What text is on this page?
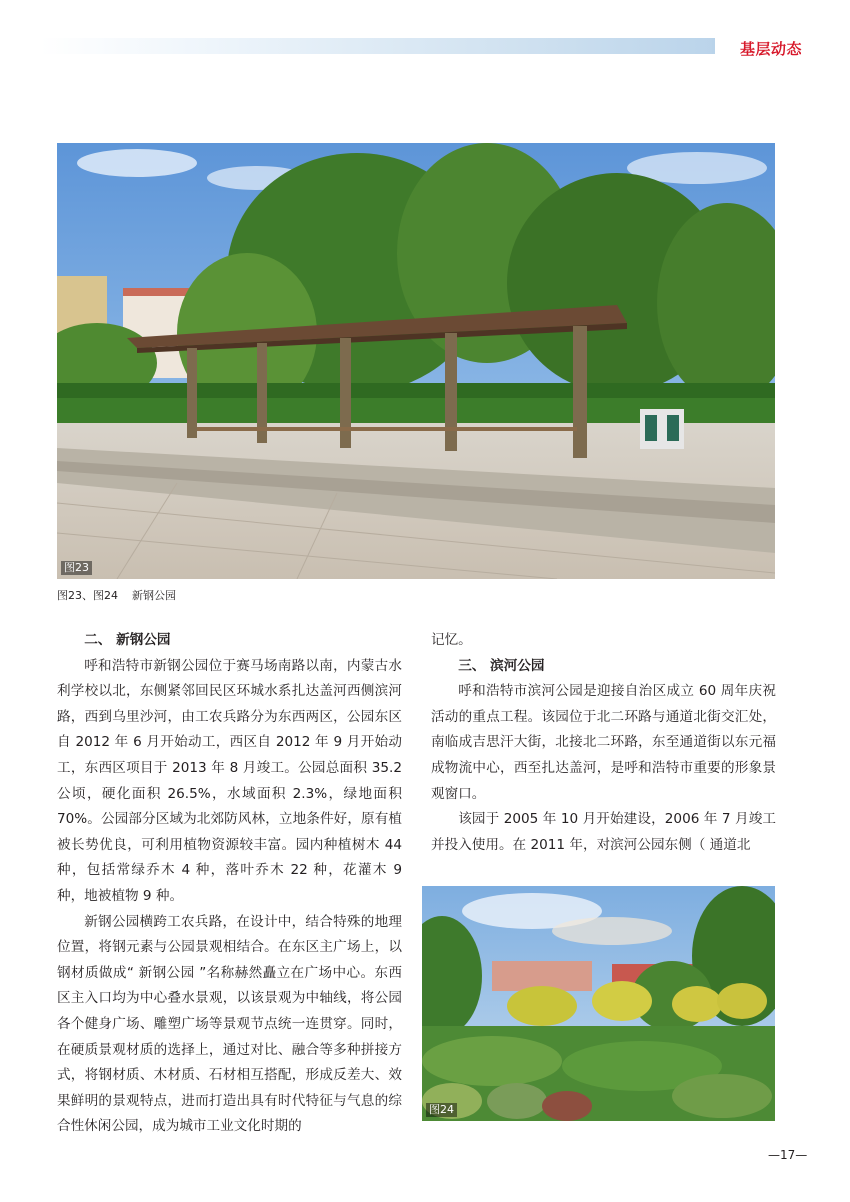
基层动态
图23
图23、图24    新钢公园
二、 新钢公园

呼和浩特市新钢公园位于赛马场南路以南，内蒙古水利学校以北，东侧紧邻回民区环城水系扎达盖河西侧滨河路，西到乌里沙河，由工农兵路分为东西两区，公园东区自 2012 年 6 月开始动工，西区自 2012 年 9 月开始动工，东西区项目于 2013 年 8 月竣工。公园总面积 35.2 公顷，硬化面积 26.5%，水域面积 2.3%，绿地面积70%。公园部分区域为北郊防风林，立地条件好，原有植被长势优良，可利用植物资源较丰富。园内种植树木 44 种，包括常绿乔木 4 种，落叶乔木 22 种，花灌木 9 种，地被植物 9 种。

新钢公园横跨工农兵路，在设计中，结合特殊的地理位置，将钢元素与公园景观相结合。在东区主广场上，以钢材质做成“ 新钢公园 ”名称赫然矗立在广场中心。东西区主入口均为中心叠水景观，以该景观为中轴线，将公园各个健身广场、雕塑广场等景观节点统一连贯穿。同时，在硬质景观材质的选择上，通过对比、融合等多种拼接方式，将钢材质、木材质、石材相互搭配，形成反差大、效果鲜明的景观特点，进而打造出具有时代特征与气息的综合性休闲公园，成为城市工业文化时期的

记忆。

三、 滨河公园

呼和浩特市滨河公园是迎接自治区成立 60 周年庆祝活动的重点工程。该园位于北二环路与通道北街交汇处，南临成吉思汗大街，北接北二环路，东至通道街以东元福成物流中心，西至扎达盖河，是呼和浩特市重要的形象景观窗口。

该园于 2005 年 10 月开始建设，2006 年 7 月竣工并投入使用。在 2011 年，对滨河公园东侧（ 通道北

图24
—17—
